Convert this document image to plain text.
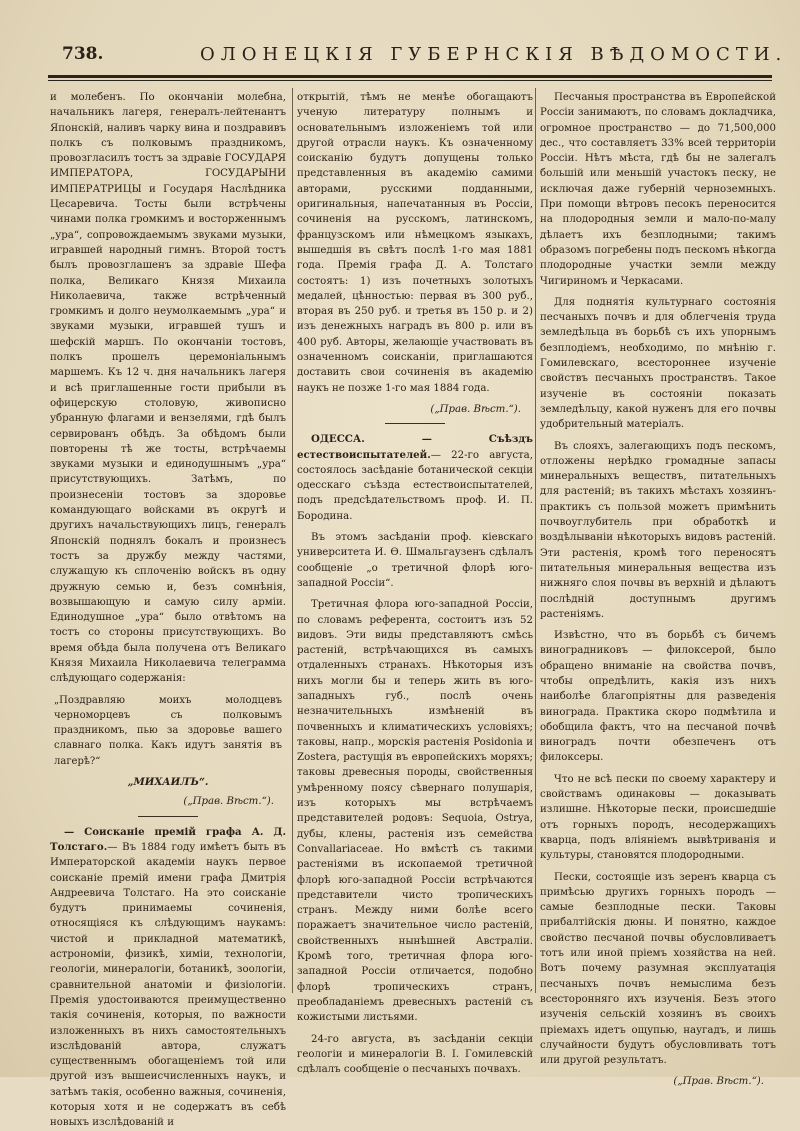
738.	ОЛОНЕЦКІЯ ГУБЕРНСКІЯ ВѢДОМОСТИ.

и молебенъ. По окончаніи молебна, начальникъ лагеря, генералъ-лейтенантъ Японскій, наливъ чарку вина и поздравивъ полкъ съ полковымъ праздникомъ, провозгласилъ тостъ за здравіе ГОСУДАРЯ ИМПЕРАТОРА, ГОСУДАРЫНИ ИМПЕРАТРИЦЫ и Государя Наслѣдника Цесаревича. Тосты были встрѣчены чинами полка громкимъ и восторженнымъ „ура“, сопровождаемымъ звуками музыки, игравшей народный гимнъ. Второй тостъ былъ провозглашенъ за здравіе Шефа полка, Великаго Князя Михаила Николаевича, также встрѣченный громкимъ и долго неумолкаемымъ „ура“ и звуками музыки, игравшей тушъ и шефскій маршъ. По окончаніи тостовъ, полкъ прошелъ церемоніальнымъ маршемъ. Къ 12 ч. дня начальникъ лагеря и всѣ приглашенные гости прибыли въ офицерскую столовую, живописно убранную флагами и вензелями, гдѣ былъ сервированъ обѣдъ. За обѣдомъ были повторены тѣ же тосты, встрѣчаемы звуками музыки и единодушнымъ „ура“ присутствующихъ. Затѣмъ, по произнесеніи тостовъ за здоровье командующаго войсками въ округѣ и другихъ начальствующихъ лицъ, генералъ Японскій поднялъ бокалъ и произнесъ тостъ за дружбу между частями, служащую къ сплоченію войскъ въ одну дружную семью и, безъ сомнѣнія, возвышающую и самую силу арміи. Единодушное „ура“ было отвѣтомъ на тостъ со стороны присутствующихъ. Во время обѣда была получена отъ Великаго Князя Михаила Николаевича телеграмма слѣдующаго содержанія:

„Поздравляю моихъ молодцевъ черноморцевъ съ полковымъ праздникомъ, пью за здоровье вашего славнаго полка. Какъ идутъ занятія въ лагерѣ?“
„МИХАИЛЪ“.
(„Прав. Вѣст.“).

— Соисканіе премій графа А. Д. Толстаго.— Въ 1884 году имѣетъ быть въ Императорской академіи наукъ первое соисканіе премій имени графа Дмитрія Андреевича Толстаго. На это соисканіе будутъ принимаемы сочиненія, относящіяся къ слѣдующимъ наукамъ: чистой и прикладной математикѣ, астрономіи, физикѣ, химіи, технологіи, геологіи, минералогіи, ботаникѣ, зоологіи, сравнительной анатоміи и физіологіи. Премія удостоиваются преимущественно такія сочиненія, которыя, по важности изложенныхъ въ нихъ самостоятельныхъ изслѣдованій автора, служатъ существеннымъ обогащеніемъ той или другой изъ вышеисчисленныхъ наукъ, и затѣмъ такія, особенно важныя, сочиненія, которыя хотя и не содержатъ въ себѣ новыхъ изслѣдованій и

открытій, тѣмъ не менѣе обогащаютъ ученую литературу полнымъ и основательнымъ изложеніемъ той или другой отрасли наукъ. Къ означенному соисканію будутъ допущены только представленныя въ академію самими авторами, русскими подданными, оригинальныя, напечатанныя въ Россіи, сочиненія на русскомъ, латинскомъ, французскомъ или нѣмецкомъ языкахъ, вышедшія въ свѣтъ послѣ 1-го мая 1881 года. Премія графа Д. А. Толстаго состоятъ: 1) изъ почетныхъ золотыхъ медалей, цѣнностью: первая въ 300 руб., вторая въ 250 руб. и третья въ 150 р. и 2) изъ денежныхъ наградъ въ 800 р. или въ 400 руб. Авторы, желающіе участвовать въ означенномъ соисканіи, приглашаются доставить свои сочиненія въ академію наукъ не позже 1-го мая 1884 года.

(„Прав. Вѣст.“).

ОДЕССА. — Съѣздъ естествоиспытателей.— 22-го августа, состоялось засѣданіе ботанической секціи одесскаго съѣзда естествоиспытателей, подъ предсѣдательствомъ проф. И. П. Бородина.

Въ этомъ засѣданіи проф. кіевскаго университета И. Ѳ. Шмальгаузенъ сдѣлалъ сообщеніе „о третичной флорѣ юго-западной Россіи“.

Третичная флора юго-западной Россіи, по словамъ референта, состоитъ изъ 52 видовъ. Эти виды представляютъ смѣсь растеній, встрѣчающихся въ самыхъ отдаленныхъ странахъ. Нѣкоторыя изъ нихъ могли бы и теперь жить въ юго-западныхъ губ., послѣ очень незначительныхъ измѣненій въ почвенныхъ и климатическихъ условіяхъ; таковы, напр., морскія растенія Posidonia и Zostera, растущія въ европейскихъ моряхъ; таковы древесныя породы, свойственныя умѣренному поясу сѣвернаго полушарія, изъ которыхъ мы встрѣчаемъ представителей родовъ: Sequoia, Ostrya, дубы, клены, растенія изъ семейства Convallariaceae. Но вмѣстѣ съ такими растеніями въ ископаемой третичной флорѣ юго-западной Россіи встрѣчаются представители чисто тропическихъ странъ. Между ними болѣе всего поражаетъ значительное число растеній, свойственныхъ нынѣшней Австраліи. Кромѣ того, третичная флора юго-западной Россіи отличается, подобно флорѣ тропическихъ странъ, преобладаніемъ древесныхъ растеній съ кожистыми листьями.

24-го августа, въ засѣданіи секціи геологіи и минералогіи В. І. Гомилевскій сдѣлалъ сообщеніе о песчаныхъ почвахъ.

Песчаныя пространства въ Европейской Россіи занимаютъ, по словамъ докладчика, огромное пространство — до 71,500,000 дес., что составляетъ 33% всей территоріи Россіи. Нѣтъ мѣста, гдѣ бы не залегалъ большій или меньшій участокъ песку, не исключая даже губерній черноземныхъ. При помощи вѣтровъ песокъ переносится на плодородныя земли и мало-по-малу дѣлаетъ ихъ безплодными; такимъ образомъ погребены подъ пескомъ нѣкогда плодородные участки земли между Чигириномъ и Черкасами.

Для поднятія культурнаго состоянія песчаныхъ почвъ и для облегченія труда земледѣльца въ борьбѣ съ ихъ упорнымъ безплодіемъ, необходимо, по мнѣнію г. Гомилевскаго, всестороннее изученіе свойствъ песчаныхъ пространствъ. Такое изученіе въ состояніи показать земледѣльцу, какой нуженъ для его почвы удобрительный матеріалъ.

Въ слояхъ, залегающихъ подъ пескомъ, отложены нерѣдко громадные запасы минеральныхъ веществъ, питательныхъ для растеній; въ такихъ мѣстахъ хозяинъ-практикъ съ пользой можетъ примѣнить почвоуглубитель при обработкѣ и воздѣлываніи нѣкоторыхъ видовъ растеній. Эти растенія, кромѣ того переносятъ питательныя минеральныя вещества изъ нижняго слоя почвы въ верхній и дѣлаютъ послѣдній доступнымъ другимъ растеніямъ.

Извѣстно, что въ борьбѣ съ бичемъ виноградниковъ — филоксерой, было обращено вниманіе на свойства почвъ, чтобы опредѣлить, какія изъ нихъ наиболѣе благопріятны для разведенія винограда. Практика скоро подмѣтила и обобщила фактъ, что на песчаной почвѣ виноградъ почти обезпеченъ отъ филоксеры.

Что не всѣ пески по своему характеру и свойствамъ одинаковы — доказывать излишне. Нѣкоторые пески, происшедшіе отъ горныхъ породъ, несодержащихъ кварца, подъ вліяніемъ вывѣтриванія и культуры, становятся плодородными.

Пески, состоящіе изъ зеренъ кварца съ примѣсью другихъ горныхъ породъ — самые безплодные пески. Таковы прибалтійскія дюны. И понятно, каждое свойство песчаной почвы обусловливаетъ тотъ или иной пріемъ хозяйства на ней. Вотъ почему разумная эксплуатація песчаныхъ почвъ немыслима безъ всесторонняго ихъ изученія. Безъ этого изученія сельскій хозяинъ въ своихъ пріемахъ идетъ ощупью, наугадъ, и лишь случайности будутъ обусловливать тотъ или другой результатъ.

(„Прав. Вѣст.“).
